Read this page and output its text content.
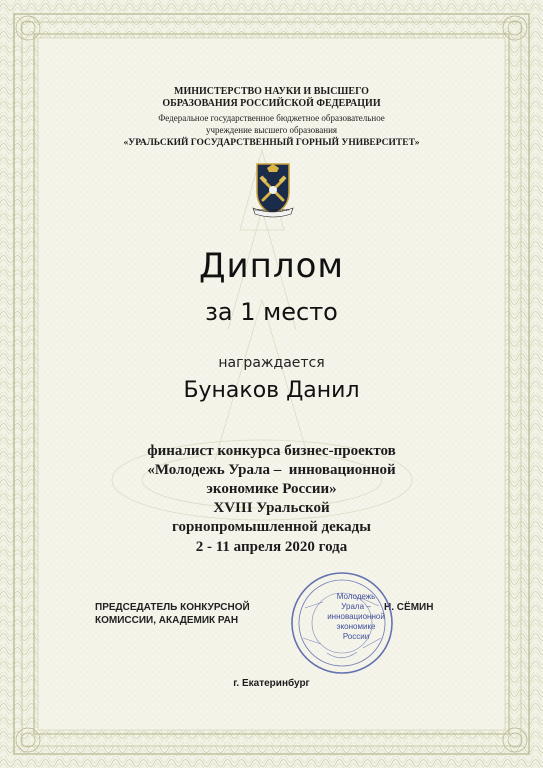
МИНИСТЕРСТВО НАУКИ И ВЫСШЕГО
ОБРАЗОВАНИЯ РОССИЙСКОЙ ФЕДЕРАЦИИ
Федеральное государственное бюджетное образовательное
учреждение высшего образования
«УРАЛЬСКИЙ ГОСУДАРСТВЕННЫЙ ГОРНЫЙ УНИВЕРСИТЕТ»
ГОРНЫЙ УНИВЕРСИТЕТ
Диплом
за 1 место
награждается
Бунаков Данил
финалист конкурса бизнес-проектов
«Молодежь Урала –  инновационной
экономике России»
XVIII Уральской
горнопромышленной декады
2 - 11 апреля 2020 года
ПРЕДСЕДАТЕЛЬ КОНКУРСНОЙ
КОМИССИИ, АКАДЕМИК РАН
Н. СЁМИН
Молодежь
Урала –
инновационной
экономике
России
г. Екатеринбург
